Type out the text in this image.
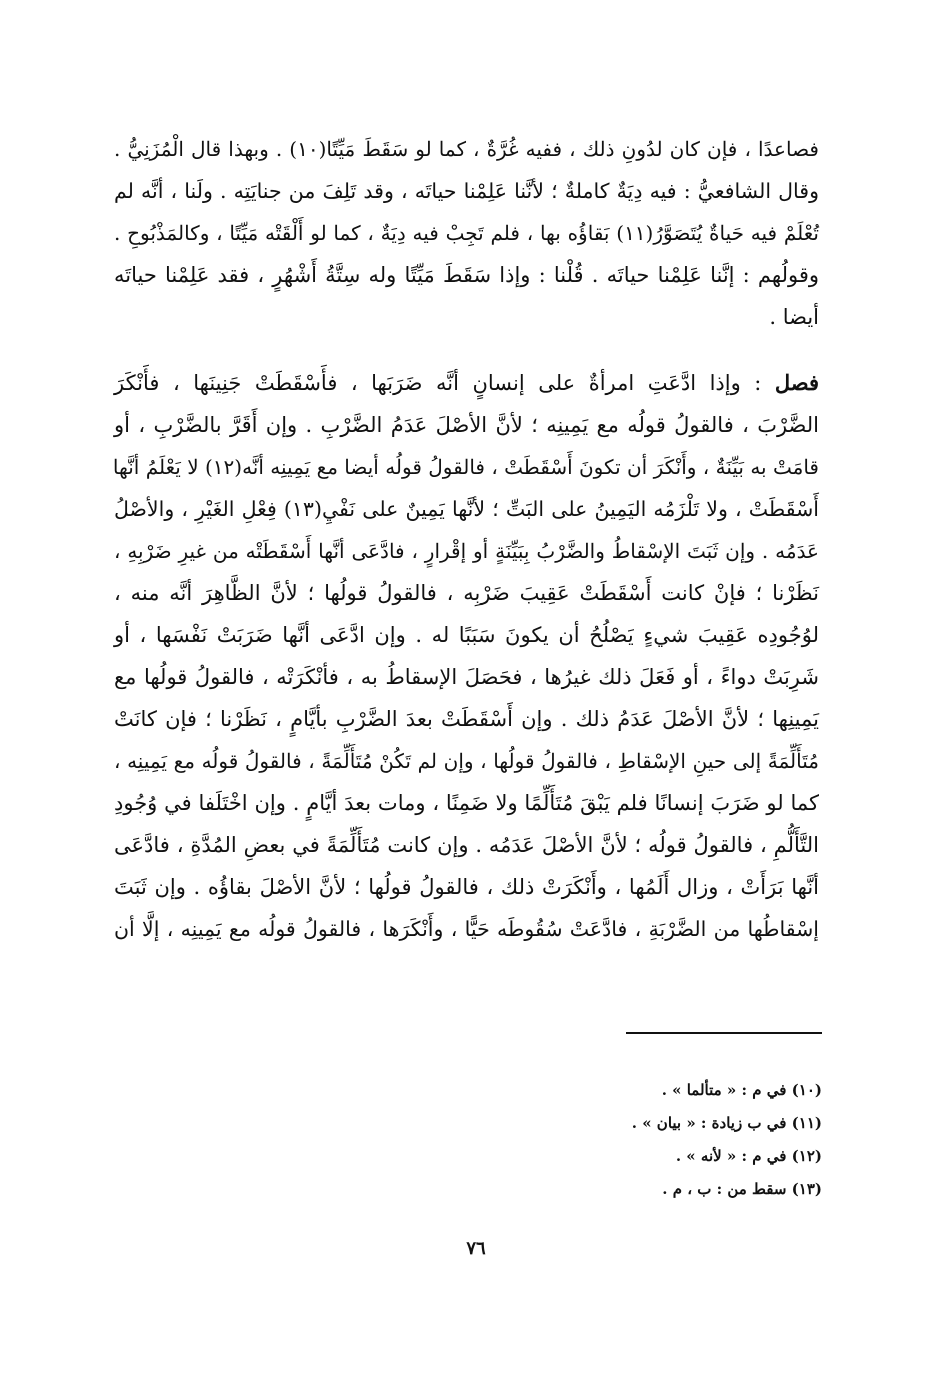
فصاعدًا ، فإن كان لدُونِ ذلك ، ففيه غُرَّةٌ ، كما لو سَقَطَ مَيِّتًا(١٠) . وبهذا قال الْمُزَنِيُّ .
وقال الشافعيُّ : فيه دِيَةٌ كاملةٌ ؛ لأنَّنا عَلِمْنا حياتَه ، وقد تَلِفَ من جنايَتِه . ولَنا ، أنَّه لم
تُعْلَمْ فيه حَياةٌ يُتَصَوَّرُ(١١) بَقاؤُه بها ، فلم تَجِبْ فيه دِيَةٌ ، كما لو أَلْقَتْه مَيِّتًا ، وكالمَذْبُوحِ .
وقولُهم : إنَّنا عَلِمْنا حياتَه . قُلْنا : وإذا سَقَطَ مَيِّتًا وله سِتَّةُ أَشْهُرٍ ، فقد عَلِمْنا حياتَه
أيضا .
فصل : وإذا ادَّعَتِ امرأةٌ على إنسانٍ أنَّه ضَرَبَها ، فأَسْقَطَتْ جَنِينَها ، فأَنْكَرَ
الضَّرْبَ ، فالقولُ قولُه مع يَمِينِه ؛ لأنَّ الأصْلَ عَدَمُ الضَّرْبِ . وإن أَقَرَّ بالضَّرْبِ ، أو
قامَتْ به بَيِّنَةٌ ، وأَنْكَرَ أن تكونَ أَسْقَطَتْ ، فالقولُ قولُه أيضا مع يَمِينِه أنَّه(١٢) لا يَعْلَمُ أنَّها
أَسْقَطَتْ ، ولا تَلْزَمُه اليَمِينُ على البَتِّ ؛ لأنَّها يَمِينٌ على نَفْيِ(١٣) فِعْلِ الغَيْرِ ، والأصْلُ
عَدَمُه . وإن ثَبَتَ الإسْقاطُ والضَّرْبُ بِبَيِّنَةٍ أو إقْرارٍ ، فادَّعَى أنَّها أَسْقَطَتْه من غيرِ ضَرْبِهِ ،
نَظَرْنا ؛ فإنْ كانت أَسْقَطَتْ عَقِيبَ ضَرْبِه ، فالقولُ قولُها ؛ لأنَّ الظَّاهِرَ أنَّه منه ،
لوُجُودِه عَقِيبَ شيءٍ يَصْلُحُ أن يكونَ سَبَبًا له . وإن ادَّعَى أنَّها ضَرَبَتْ نَفْسَها ، أو
شَرِبَتْ دواءً ، أو فَعَلَ ذلك غيرُها ، فحَصَلَ الإسقاطُ به ، فأنْكَرَتْه ، فالقولُ قولُها مع
يَمِينِها ؛ لأنَّ الأصْلَ عَدَمُ ذلك . وإن أَسْقَطَتْ بعدَ الضَّرْبِ بأيَّامٍ ، نَظَرْنا ؛ فإن كانَتْ
مُتَأَلِّمَةً إلى حينِ الإسْقاطِ ، فالقولُ قولُها ، وإن لم تَكُنْ مُتَأَلِّمَةً ، فالقولُ قولُه مع يَمِينِه ،
كما لو ضَرَبَ إنسانًا فلم يَبْقَ مُتَأَلِّمًا ولا ضَمِنًا ، ومات بعدَ أيَّامٍ . وإن اخْتَلَفا في وُجُودِ
التَّأَلُّمِ ، فالقولُ قولُه ؛ لأنَّ الأصْلَ عَدَمُه . وإن كانت مُتَأَلِّمَةً في بعضِ المُدَّةِ ، فادَّعَى
أنَّها بَرَأَتْ ، وزال أَلَمُها ، وأَنْكَرَتْ ذلك ، فالقولُ قولُها ؛ لأنَّ الأصْلَ بقاؤُه . وإن ثَبَتَ
إسْقاطُها من الضَّرْبَةِ ، فادَّعَتْ سُقُوطَه حَيًّا ، وأَنْكَرَها ، فالقولُ قولُه مع يَمِينِه ، إلَّا أن
(١٠) في م : « متألما » .
(١١) في ب زيادة : « بيان » .
(١٢) في م : « لأنه » .
(١٣) سقط من : ب ، م .
٧٦
